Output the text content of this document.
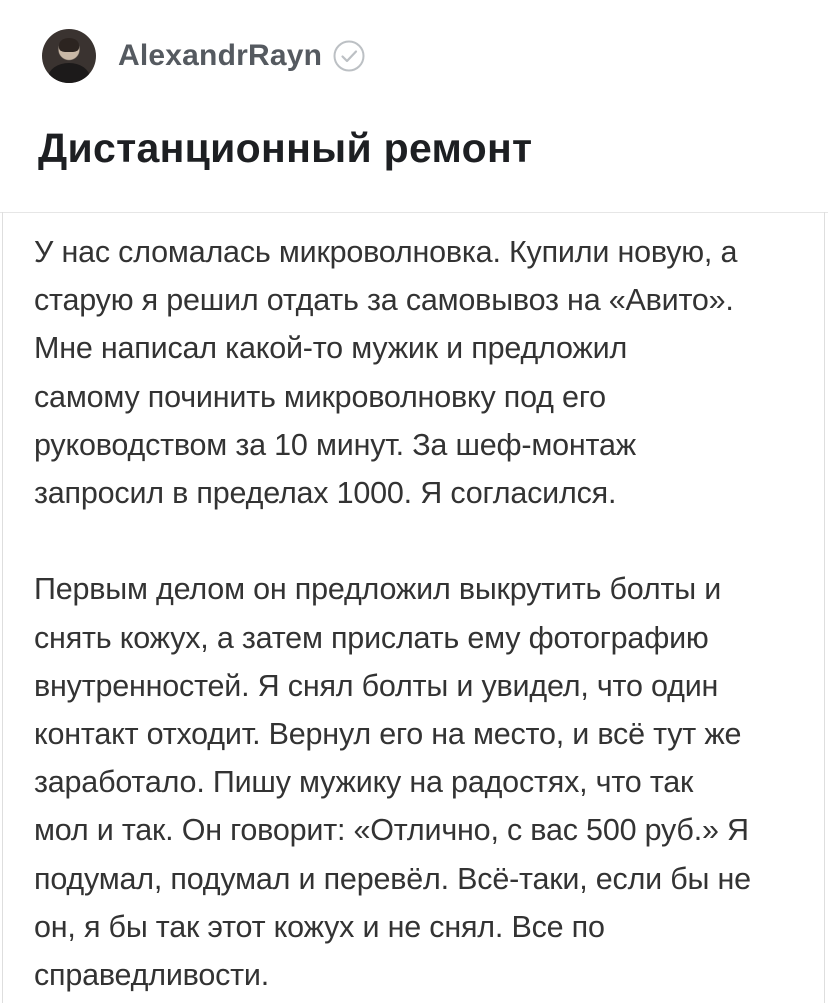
AlexandrRayn
Дистанционный ремонт
У нас сломалась микроволновка. Купили новую, а
старую я решил отдать за самовывоз на «Авито».
Мне написал какой-то мужик и предложил
самому починить микроволновку под его
руководством за 10 минут. За шеф-монтаж
запросил в пределах 1000. Я согласился.
Первым делом он предложил выкрутить болты и
снять кожух, а затем прислать ему фотографию
внутренностей. Я снял болты и увидел, что один
контакт отходит. Вернул его на место, и всё тут же
заработало. Пишу мужику на радостях, что так
мол и так. Он говорит: «Отлично, с вас 500 руб.» Я
подумал, подумал и перевёл. Всё-таки, если бы не
он, я бы так этот кожух и не снял. Все по
справедливости.
